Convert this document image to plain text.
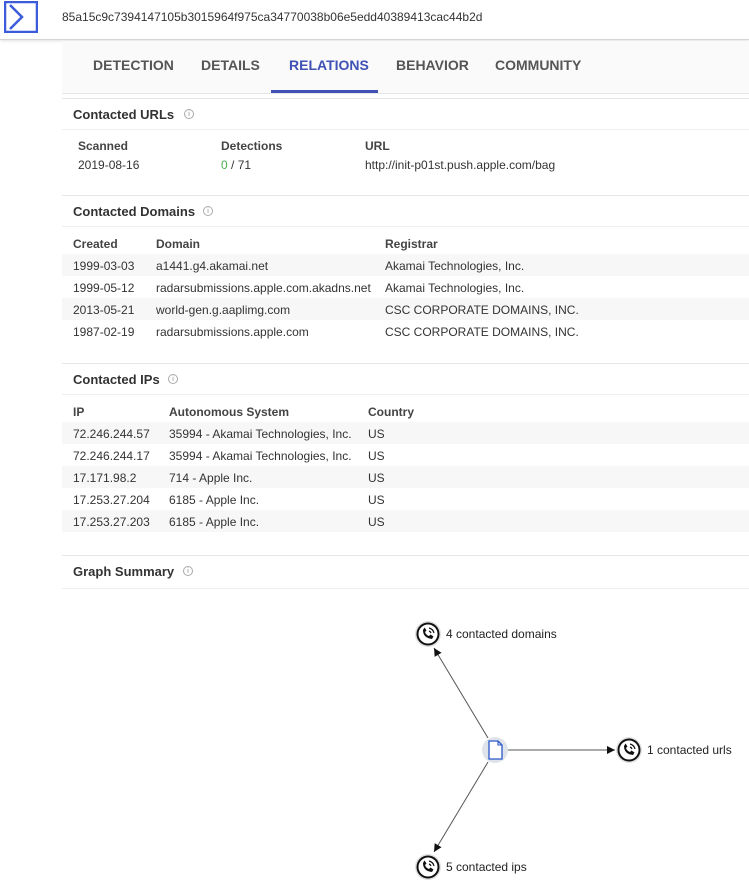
85a15c9c7394147105b3015964f975ca34770038b06e5edd40389413cac44b2d
DETECTION DETAILS RELATIONS BEHAVIOR COMMUNITY
Contacted URLs	i
Scanned	Detections	URL
2019-08-16	0 / 71	http://init-p01st.push.apple.com/bag
Contacted Domains	i
Created	Domain	Registrar
1999-03-03 a1441.g4.akamai.net	Akamai Technologies, Inc.
1999-05-12 radarsubmissions.apple.com.akadns.net Akamai Technologies, Inc.
2013-05-21 world-gen.g.aaplimg.com	CSC CORPORATE DOMAINS, INC.
1987-02-19 radarsubmissions.apple.com	CSC CORPORATE DOMAINS, INC.
Contacted IPs	i
IP	Autonomous System	Country
72.246.244.57 35994 - Akamai Technologies, Inc. US
72.246.244.17 35994 - Akamai Technologies, Inc. US
17.171.98.2	714 - Apple Inc.	US
17.253.27.204 6185 - Apple Inc.	US
17.253.27.203 6185 - Apple Inc.	US
Graph Summary	i
4 contacted domains
1 contacted urls
5 contacted ips
